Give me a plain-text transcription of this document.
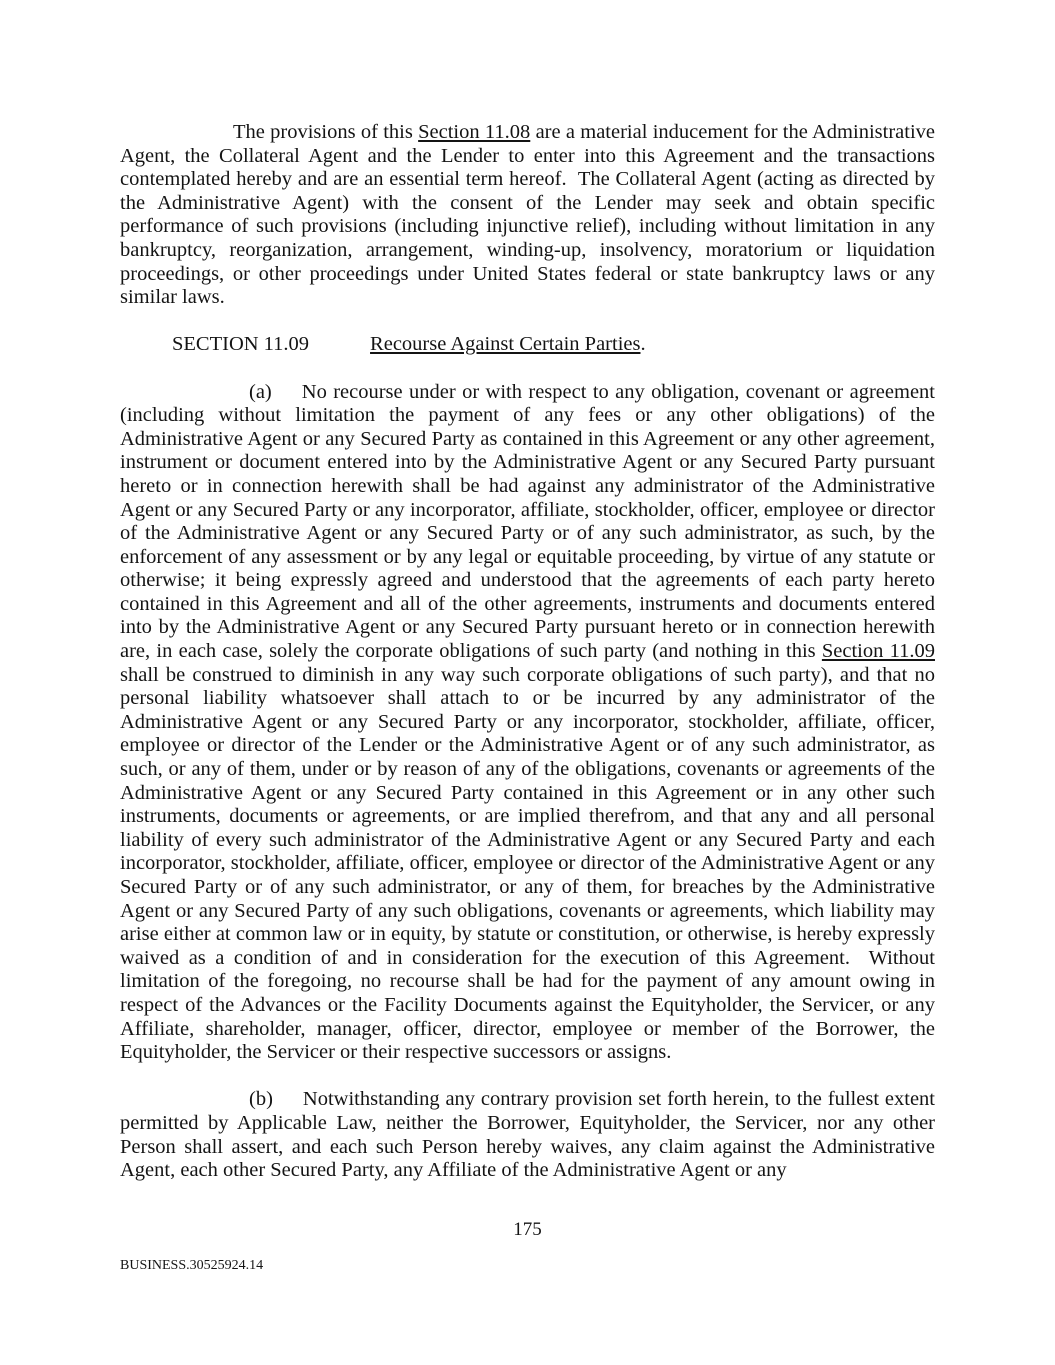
The provisions of this Section 11.08 are a material inducement for the Administrative Agent, the Collateral Agent and the Lender to enter into this Agreement and the transactions contemplated hereby and are an essential term hereof.  The Collateral Agent (acting as directed by the Administrative Agent) with the consent of the Lender may seek and obtain specific performance of such provisions (including injunctive relief), including without limitation in any bankruptcy, reorganization, arrangement, winding-up, insolvency, moratorium or liquidation proceedings, or other proceedings under United States federal or state bankruptcy laws or any similar laws.

SECTION 11.09	Recourse Against Certain Parties.

(a) No recourse under or with respect to any obligation, covenant or agreement (including without limitation the payment of any fees or any other obligations) of the Administrative Agent or any Secured Party as contained in this Agreement or any other agreement, instrument or document entered into by the Administrative Agent or any Secured Party pursuant hereto or in connection herewith shall be had against any administrator of the Administrative Agent or any Secured Party or any incorporator, affiliate, stockholder, officer, employee or director of the Administrative Agent or any Secured Party or of any such administrator, as such, by the enforcement of any assessment or by any legal or equitable proceeding, by virtue of any statute or otherwise; it being expressly agreed and understood that the agreements of each party hereto contained in this Agreement and all of the other agreements, instruments and documents entered into by the Administrative Agent or any Secured Party pursuant hereto or in connection herewith are, in each case, solely the corporate obligations of such party (and nothing in this Section 11.09 shall be construed to diminish in any way such corporate obligations of such party), and that no personal liability whatsoever shall attach to or be incurred by any administrator of the Administrative Agent or any Secured Party or any incorporator, stockholder, affiliate, officer, employee or director of the Lender or the Administrative Agent or of any such administrator, as such, or any of them, under or by reason of any of the obligations, covenants or agreements of the Administrative Agent or any Secured Party contained in this Agreement or in any other such instruments, documents or agreements, or are implied therefrom, and that any and all personal liability of every such administrator of the Administrative Agent or any Secured Party and each incorporator, stockholder, affiliate, officer, employee or director of the Administrative Agent or any Secured Party or of any such administrator, or any of them, for breaches by the Administrative Agent or any Secured Party of any such obligations, covenants or agreements, which liability may arise either at common law or in equity, by statute or constitution, or otherwise, is hereby expressly waived as a condition of and in consideration for the execution of this Agreement.  Without limitation of the foregoing, no recourse shall be had for the payment of any amount owing in respect of the Advances or the Facility Documents against the Equityholder, the Servicer, or any Affiliate, shareholder, manager, officer, director, employee or member of the Borrower, the Equityholder, the Servicer or their respective successors or assigns.

(b) Notwithstanding any contrary provision set forth herein, to the fullest extent permitted by Applicable Law, neither the Borrower, Equityholder, the Servicer, nor any other Person shall assert, and each such Person hereby waives, any claim against the Administrative Agent, each other Secured Party, any Affiliate of the Administrative Agent or any

175
BUSINESS.30525924.14
